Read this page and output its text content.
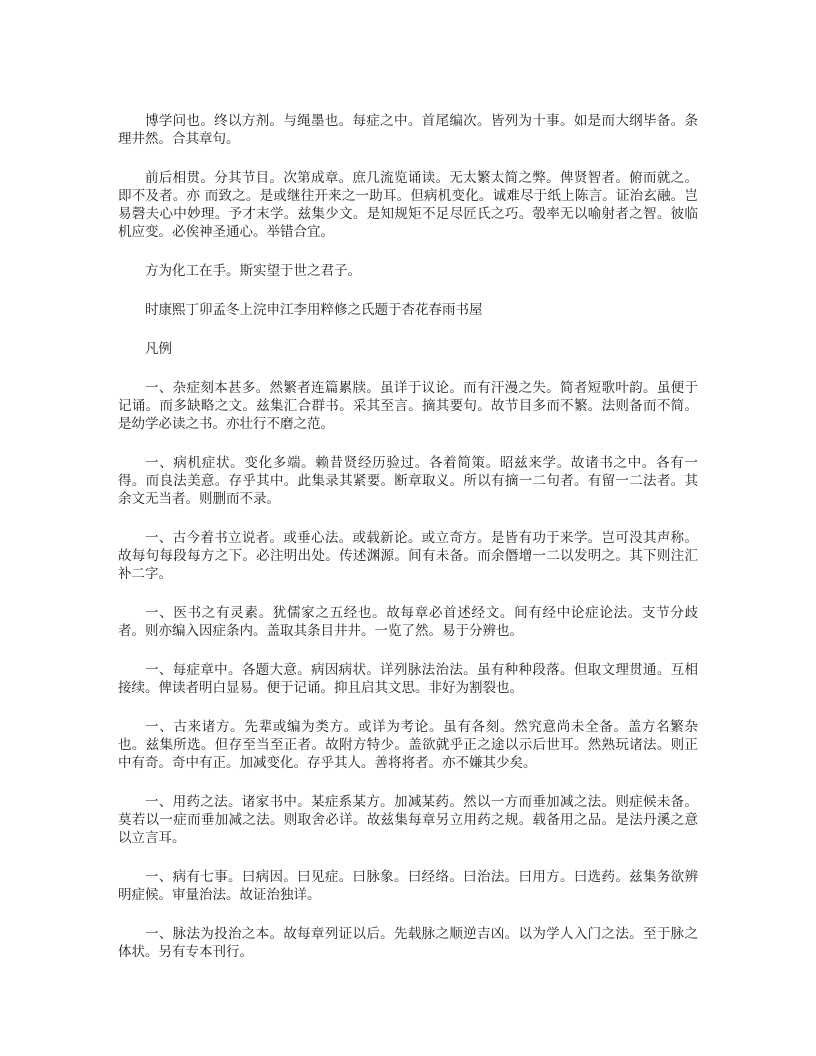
博学问也。终以方剂。与绳墨也。每症之中。首尾编次。皆列为十事。如是而大纲毕备。条理井然。合其章句。

前后相贯。分其节目。次第成章。庶几流览诵读。无太繁太简之弊。俾贤智者。俯而就之。即不及者。亦 而致之。是或继往开来之一助耳。但病机变化。诚难尽于纸上陈言。证治玄融。岂易磬夫心中妙理。予才末学。兹集少文。是知规矩不足尽匠氏之巧。彀率无以喻射者之智。彼临机应变。必俟神圣通心。举错合宜。

方为化工在手。斯实望于世之君子。

时康熙丁卯孟冬上浣申江李用粹修之氏题于杏花春雨书屋

凡例

一、杂症刻本甚多。然繁者连篇累牍。虽详于议论。而有汗漫之失。简者短歌叶韵。虽便于记诵。而多缺略之文。兹集汇合群书。采其至言。摘其要句。故节目多而不繁。法则备而不简。是幼学必读之书。亦壮行不磨之范。

一、病机症状。变化多端。赖昔贤经历验过。各着简策。昭兹来学。故诸书之中。各有一得。而良法美意。存乎其中。此集录其紧要。断章取义。所以有摘一二句者。有留一二法者。其余文无当者。则删而不录。

一、古今着书立说者。或垂心法。或载新论。或立奇方。是皆有功于来学。岂可没其声称。故每句每段每方之下。必注明出处。传述渊源。间有未备。而余僭增一二以发明之。其下则注汇补二字。

一、医书之有灵素。犹儒家之五经也。故每章必首述经文。间有经中论症论法。支节分歧者。则亦编入因症条内。盖取其条目井井。一览了然。易于分辨也。

一、每症章中。各题大意。病因病状。详列脉法治法。虽有种种段落。但取文理贯通。互相接续。俾读者明白显易。便于记诵。抑且启其文思。非好为割裂也。

一、古来诸方。先辈或编为类方。或详为考论。虽有各刻。然究意尚未全备。盖方名繁杂也。兹集所选。但存至当至正者。故附方特少。盖欲就乎正之途以示后世耳。然熟玩诸法。则正中有奇。奇中有正。加减变化。存乎其人。善将将者。亦不嫌其少矣。

一、用药之法。诸家书中。某症系某方。加减某药。然以一方而垂加减之法。则症候未备。莫若以一症而垂加减之法。则取舍必详。故兹集每章另立用药之规。载备用之品。是法丹溪之意以立言耳。

一、病有七事。曰病因。曰见症。曰脉象。曰经络。曰治法。曰用方。曰选药。兹集务欲辨明症候。审量治法。故证治独详。

一、脉法为投治之本。故每章列证以后。先载脉之顺逆吉凶。以为学人入门之法。至于脉之体状。另有专本刊行。
